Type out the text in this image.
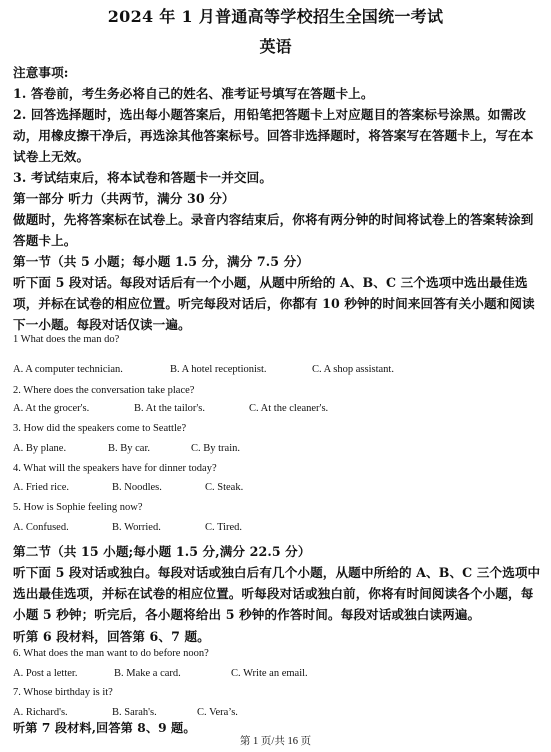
2024 年 1 月普通高等学校招生全国统一考试
英语
注意事项:
1. 答卷前，考生务必将自己的姓名、准考证号填写在答题卡上。
2. 回答选择题时，选出每小题答案后，用铅笔把答题卡上对应题目的答案标号涂黑。如需改
动，用橡皮擦干净后，再选涂其他答案标号。回答非选择题时，将答案写在答题卡上，写在本
试卷上无效。
3. 考试结束后，将本试卷和答题卡一并交回。
第一部分 听力（共两节，满分 30 分）
做题时，先将答案标在试卷上。录音内容结束后，你将有两分钟的时间将试卷上的答案转涂到
答题卡上。
第一节（共 5 小题；每小题 1.5 分，满分 7.5 分）
听下面 5 段对话。每段对话后有一个小题，从题中所给的 A、B、C 三个选项中选出最佳选
项，并标在试卷的相应位置。听完每段对话后，你都有 10 秒钟的时间来回答有关小题和阅读
下一小题。每段对话仅读一遍。
1 What does the man do?
A. A computer technician.	B. A hotel receptionist.	C. A shop assistant.
2. Where does the conversation take place?
A. At the grocer's.	B. At the tailor's.	C. At the cleaner's.
3. How did the speakers come to Seattle?
A. By plane.	B. By car.	C. By train.
4. What will the speakers have for dinner today?
A. Fried rice.	B. Noodles.	C. Steak.
5. How is Sophie feeling now?
A. Confused.	B. Worried.	C. Tired.
第二节（共 15 小题;每小题 1.5 分,满分 22.5 分）
听下面 5 段对话或独白。每段对话或独白后有几个小题，从题中所给的 A、B、C 三个选项中
选出最佳选项，并标在试卷的相应位置。听每段对话或独白前，你将有时间阅读各个小题，每
小题 5 秒钟；听完后，各小题将给出 5 秒钟的作答时间。每段对话或独白读两遍。
听第 6 段材料，回答第 6、7 题。
6. What does the man want to do before noon?
A. Post a letter.	B. Make a card.	C. Write an email.
7. Whose birthday is it?
A. Richard's.	B. Sarah's.	C. Vera’s.
听第 7 段材料,回答第 8、9 题。
第 1 页/共 16 页
